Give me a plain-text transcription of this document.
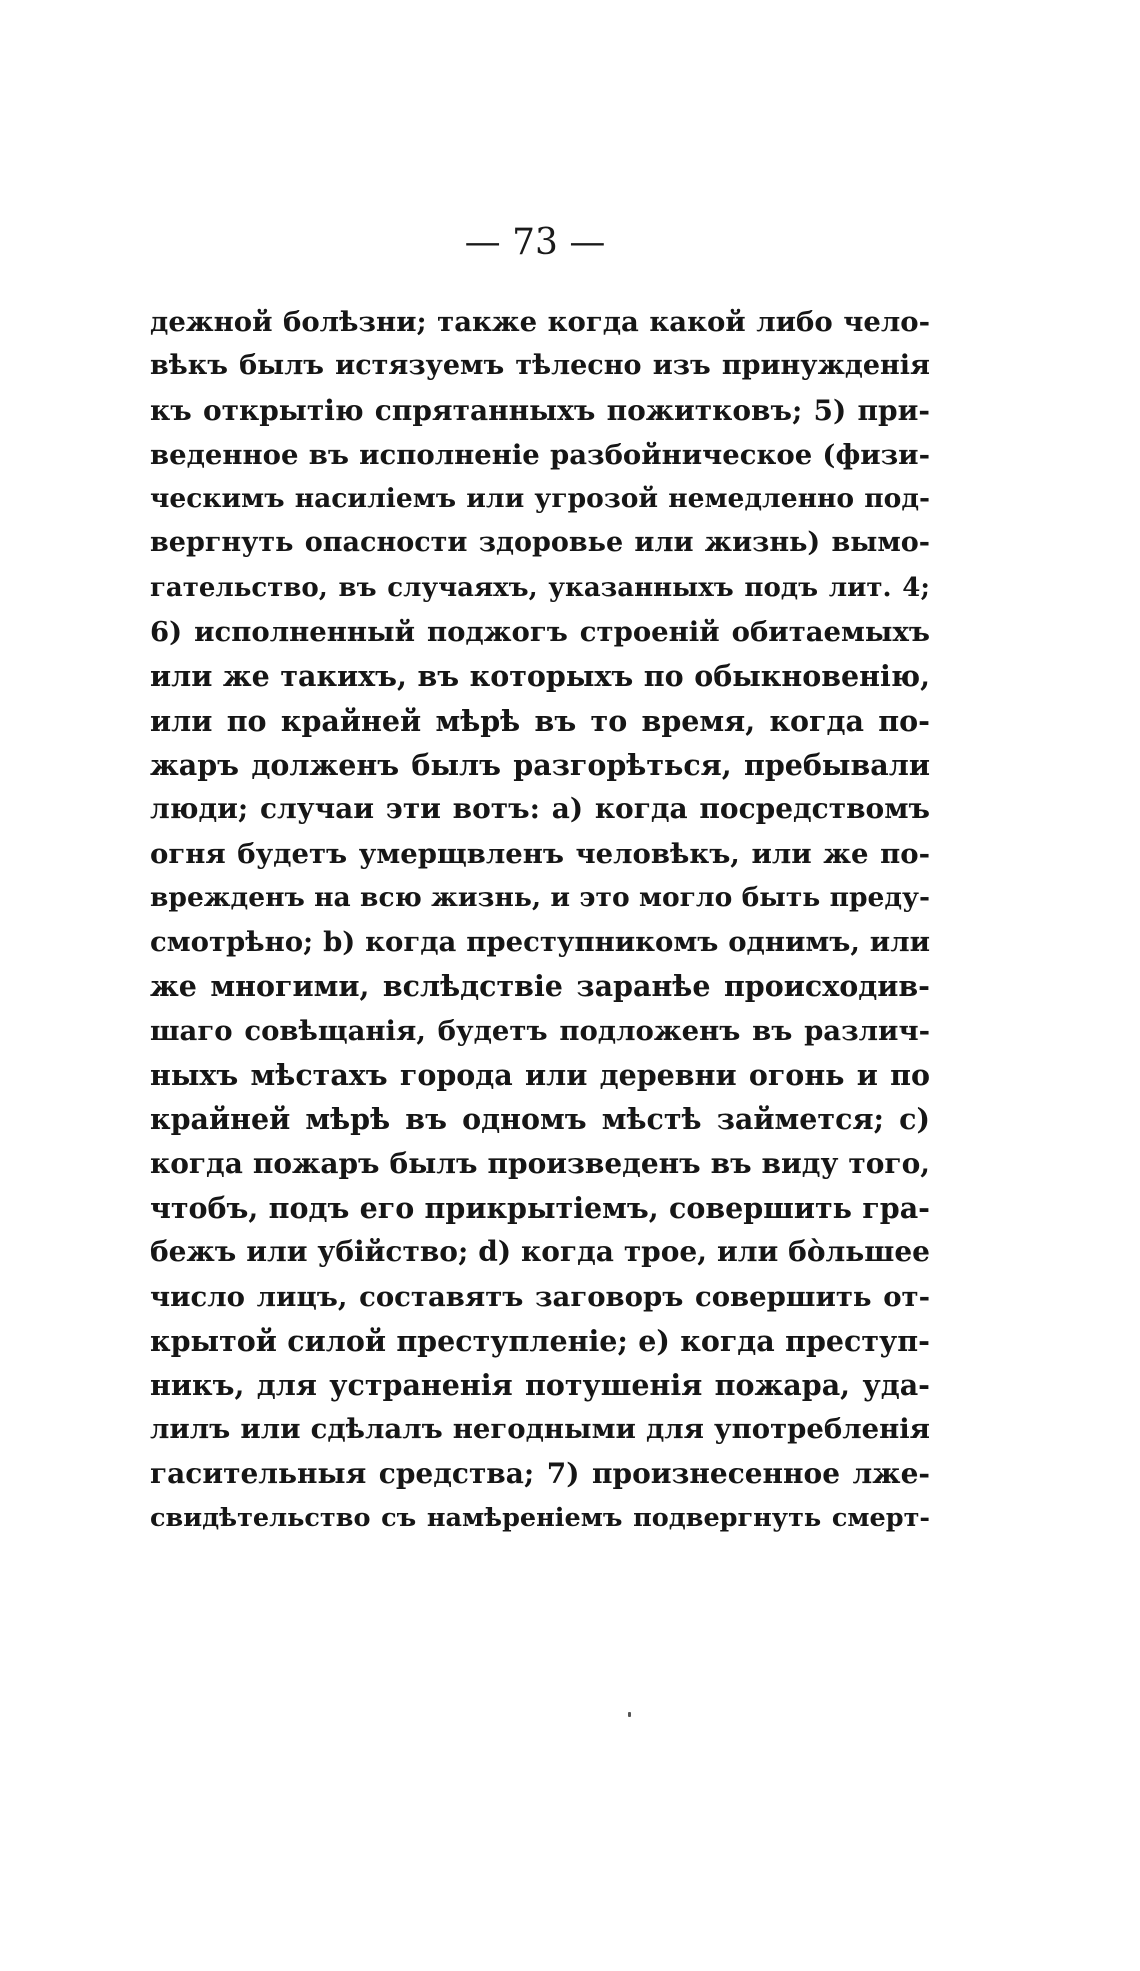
— 73 —
дежной болѣзни; также когда какой либо чело-
вѣкъ былъ истязуемъ тѣлесно изъ принужденія
къ открытію спрятанныхъ пожитковъ; 5) при-
веденное въ исполненіе разбойническое (физи-
ческимъ насиліемъ или угрозой немедленно под-
вергнуть опасности здоровье или жизнь) вымо-
гательство, въ случаяхъ, указанныхъ подъ лит. 4;
6) исполненный поджогъ строеній обитаемыхъ
или же такихъ, въ которыхъ по обыкновенію,
или по крайней мѣрѣ въ то время, когда по-
жаръ долженъ былъ разгорѣться, пребывали
люди; случаи эти вотъ: а) когда посредствомъ
огня будетъ умерщвленъ человѣкъ, или же по-
врежденъ на всю жизнь, и это могло быть преду-
смотрѣно; b) когда преступникомъ однимъ, или
же многими, вслѣдствіе заранѣе происходив-
шаго совѣщанія, будетъ подложенъ въ различ-
ныхъ мѣстахъ города или деревни огонь и по
крайней мѣрѣ въ одномъ мѣстѣ займется; с)
когда пожаръ былъ произведенъ въ виду того,
чтобъ, подъ его прикрытіемъ, совершить гра-
бежъ или убійство; d) когда трое, или бо̀льшее
число лицъ, составятъ заговоръ совершить от-
крытой силой преступленіе; е) когда преступ-
никъ, для устраненія потушенія пожара, уда-
лилъ или сдѣлалъ негодными для употребленія
гасительныя средства; 7) произнесенное лже-
свидѣтельство съ намѣреніемъ подвергнуть смерт-
